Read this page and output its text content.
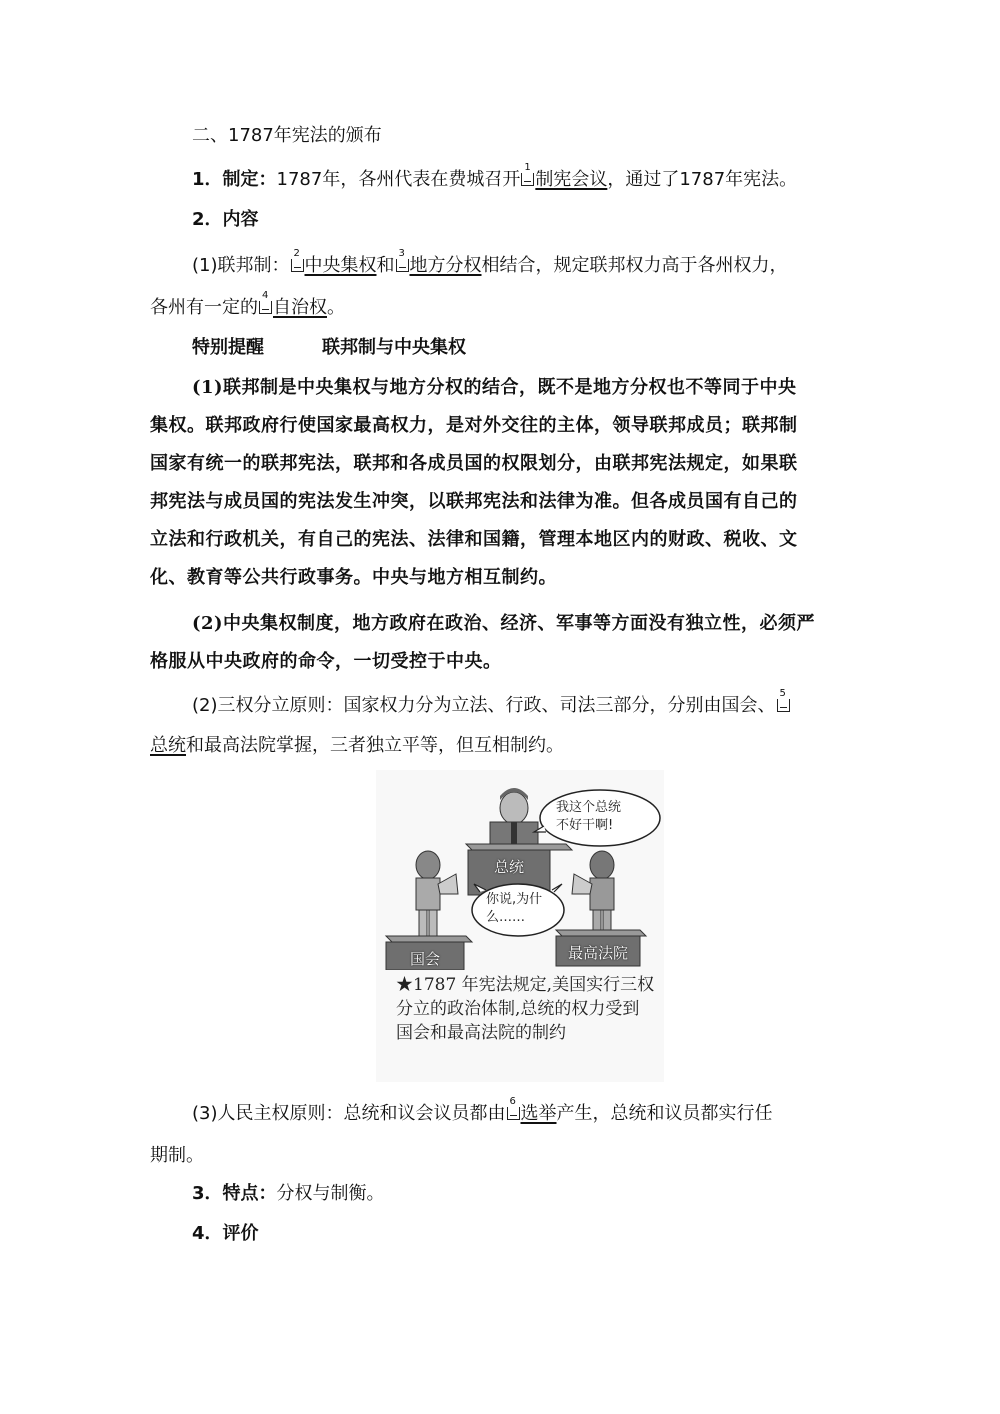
二、1787年宪法的颁布
1．制定：1787年，各州代表在费城召开
1
制宪会议，通过了1787年宪法。
2．内容
(1)联邦制：
2
中央集权和
3
地方分权相结合，规定联邦权力高于各州权力，
各州有一定的
4
自治权。
特别提醒	联邦制与中央集权
(1)联邦制是中央集权与地方分权的结合，既不是地方分权也不等同于中央
集权。联邦政府行使国家最高权力，是对外交往的主体，领导联邦成员；联邦制
国家有统一的联邦宪法，联邦和各成员国的权限划分，由联邦宪法规定，如果联
邦宪法与成员国的宪法发生冲突，以联邦宪法和法律为准。但各成员国有自己的
立法和行政机关，有自己的宪法、法律和国籍，管理本地区内的财政、税收、文
化、教育等公共行政事务。中央与地方相互制约。
(2)中央集权制度，地方政府在政治、经济、军事等方面没有独立性，必须严
格服从中央政府的命令，一切受控于中央。
(2)三权分立原则：国家权力分为立法、行政、司法三部分，分别由国会、
5
总统和最高法院掌握，三者独立平等，但互相制约。
总统
国会	最高法院
我这个总统
不好干啊!
你说,为什
么……
★1787 年宪法规定,美国实行三权分立的政治体制,总统的权力受到国会和最高法院的制约
(3)人民主权原则：总统和议会议员都由
6
选举产生，总统和议员都实行任
期制。
3．特点：分权与制衡。
4．评价
